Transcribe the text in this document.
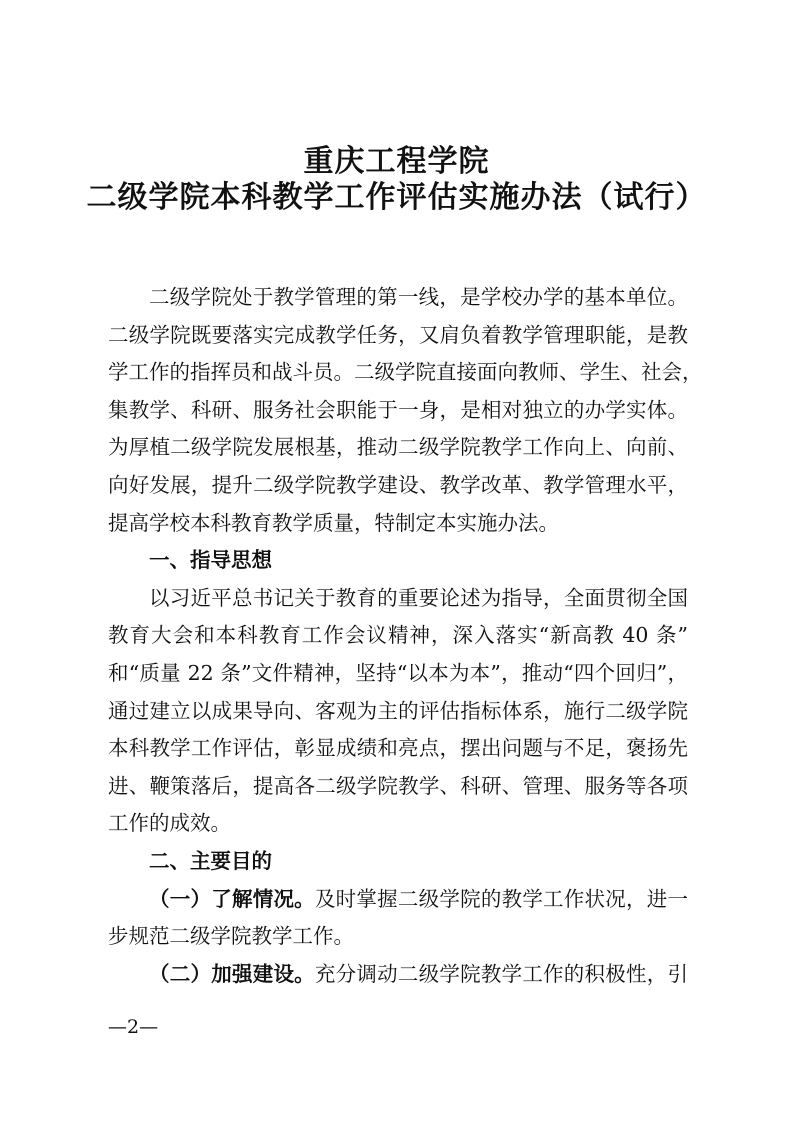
重庆工程学院
二级学院本科教学工作评估实施办法（试行）
二级学院处于教学管理的第一线，是学校办学的基本单位。
二级学院既要落实完成教学任务，又肩负着教学管理职能，是教
学工作的指挥员和战斗员。二级学院直接面向教师、学生、社会，
集教学、科研、服务社会职能于一身，是相对独立的办学实体。
为厚植二级学院发展根基，推动二级学院教学工作向上、向前、
向好发展，提升二级学院教学建设、教学改革、教学管理水平，
提高学校本科教育教学质量，特制定本实施办法。
一、指导思想
以习近平总书记关于教育的重要论述为指导，全面贯彻全国
教育大会和本科教育工作会议精神，深入落实“新高教 40 条”
和“质量 22 条”文件精神，坚持“以本为本”，推动“四个回归”，
通过建立以成果导向、客观为主的评估指标体系，施行二级学院
本科教学工作评估，彰显成绩和亮点，摆出问题与不足，褒扬先
进、鞭策落后，提高各二级学院教学、科研、管理、服务等各项
工作的成效。
二、主要目的
（一）了解情况。及时掌握二级学院的教学工作状况，进一
步规范二级学院教学工作。
（二）加强建设。充分调动二级学院教学工作的积极性，引
—2—
